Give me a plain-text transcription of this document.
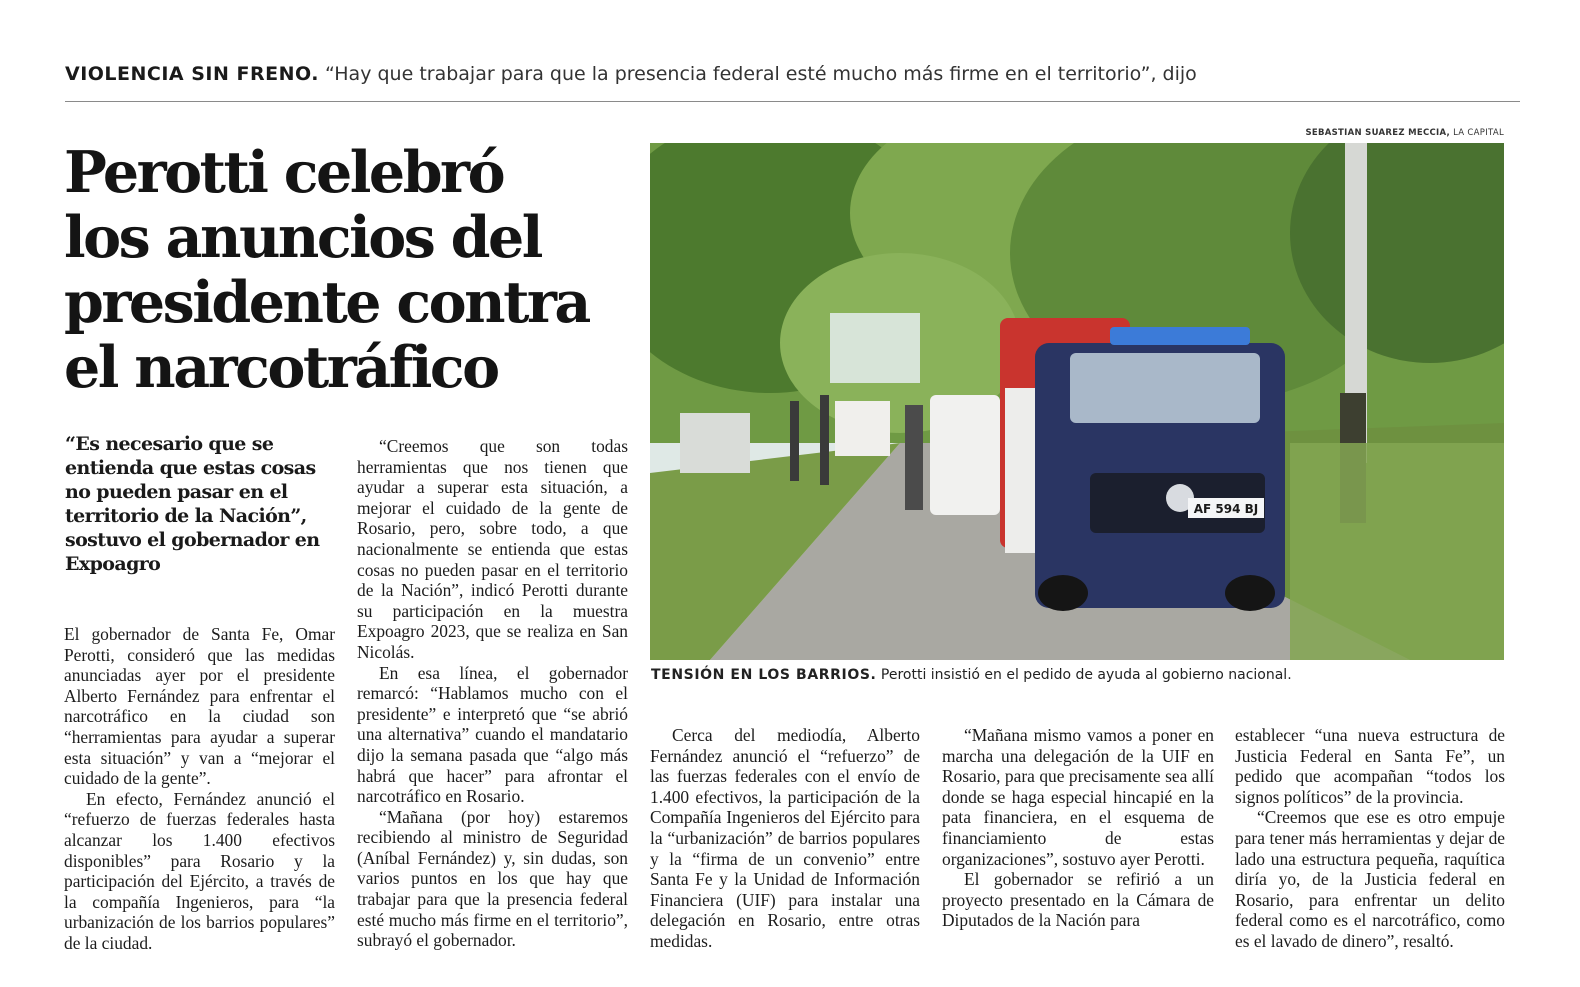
VIOLENCIA SIN FRENO. “Hay que trabajar para que la presencia federal esté mucho más firme en el territorio”, dijo
Perotti celebró
los anuncios del
presidente contra
el narcotráfico

“Es necesario que se entienda que estas cosas no pueden pasar en el territorio de la Nación”, sostuvo el gobernador en Expoagro

El gobernador de Santa Fe, Omar Perotti, consideró que las medidas anunciadas ayer por el presidente Alberto Fernández para enfrentar el narcotráfico en la ciudad son “herramientas para ayudar a superar esta situación” y van a “mejorar el cuidado de la gente”.

En efecto, Fernández anunció el “refuerzo de fuerzas federales hasta alcanzar los 1.400 efectivos disponibles” para Rosario y la participación del Ejército, a través de la compañía Ingenieros, para “la urbanización de los barrios populares” de la ciudad.

“Creemos que son todas herramientas que nos tienen que ayudar a superar esta situación, a mejorar el cuidado de la gente de Rosario, pero, sobre todo, a que nacionalmente se entienda que estas cosas no pueden pasar en el territorio de la Nación”, indicó Perotti durante su participación en la muestra Expoagro 2023, que se realiza en San Nicolás.

En esa línea, el gobernador remarcó: “Hablamos mucho con el presidente” e interpretó que “se abrió una alternativa” cuando el mandatario dijo la semana pasada que “algo más habrá que hacer” para afrontar el narcotráfico en Rosario.

“Mañana (por hoy) estaremos recibiendo al ministro de Seguridad (Aníbal Fernández) y, sin dudas, son varios puntos en los que hay que trabajar para que la presencia federal esté mucho más firme en el territorio”, subrayó el gobernador.

SEBASTIAN SUAREZ MECCIA, LA CAPITAL
AF 594 BJ
TENSIÓN EN LOS BARRIOS. Perotti insistió en el pedido de ayuda al gobierno nacional.

Cerca del mediodía, Alberto Fernández anunció el “refuerzo” de las fuerzas federales con el envío de 1.400 efectivos, la participación de la Compañía Ingenieros del Ejército para la “urbanización” de barrios populares y la “firma de un convenio” entre Santa Fe y la Unidad de Información Financiera (UIF) para instalar una delegación en Rosario, entre otras medidas.

“Mañana mismo vamos a poner en marcha una delegación de la UIF en Rosario, para que precisamente sea allí donde se haga especial hincapié en la pata financiera, en el esquema de financiamiento de estas organizaciones”, sostuvo ayer Perotti.

El gobernador se refirió a un proyecto presentado en la Cámara de Diputados de la Nación para

establecer “una nueva estructura de Justicia Federal en Santa Fe”, un pedido que acompañan “todos los signos políticos” de la provincia.

“Creemos que ese es otro empuje para tener más herramientas y dejar de lado una estructura pequeña, raquítica diría yo, de la Justicia federal en Rosario, para enfrentar un delito federal como es el narcotráfico, como es el lavado de dinero”, resaltó.
